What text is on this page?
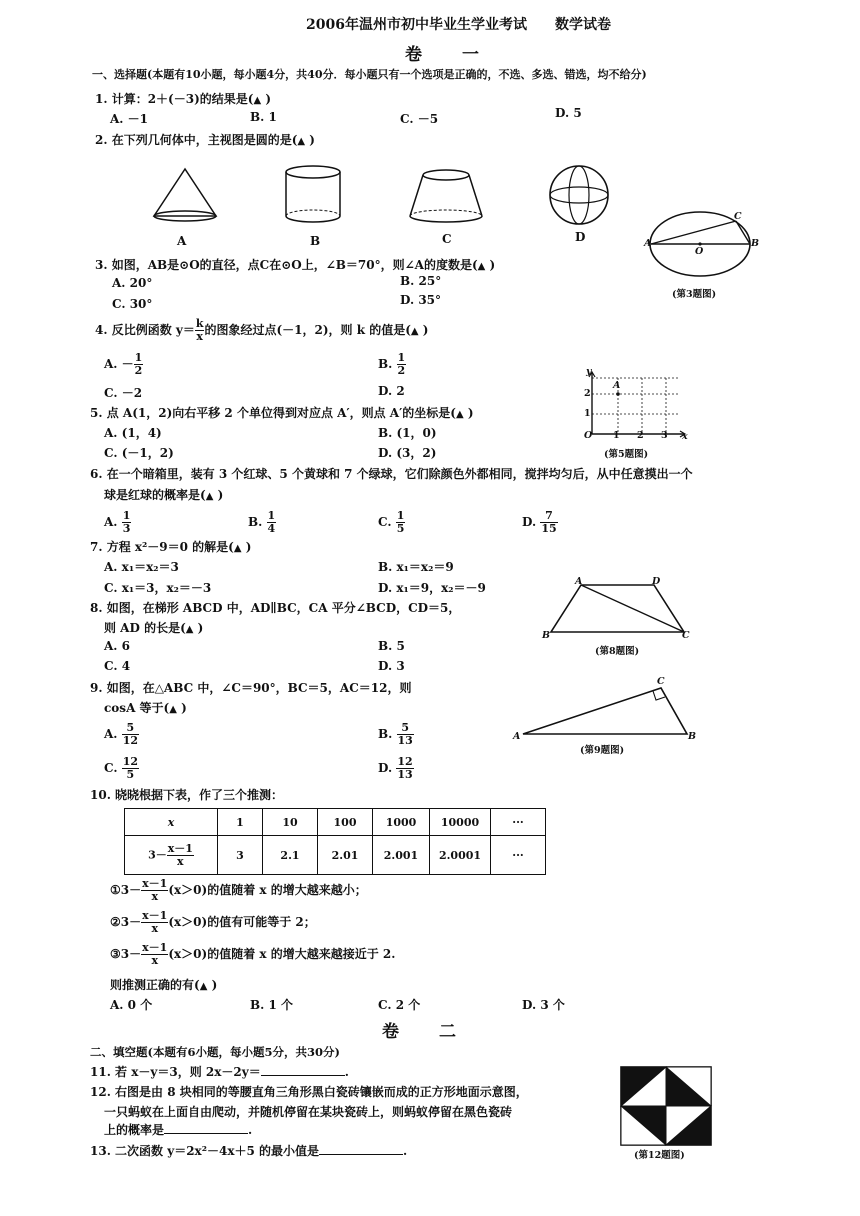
2006年温州市初中毕业生学业考试　　数学试卷
卷　　一
一、选择题(本题有10小题，每小题4分，共40分．每小题只有一个选项是正确的，不选、多选、错选，均不给分)
1. 计算：2＋(－3)的结果是(▲ )
A. －1	B. 1	C. －5	D. 5
2. 在下列几何体中，主视图是圆的是(▲ )
A	B	C	D	A	B
C
O
(第3题图)
3. 如图，AB是⊙O的直径，点C在⊙O上，∠B＝70°，则∠A的度数是(▲ )
A. 20°	B. 25°
C. 30°	D. 35°
4. 反比例函数 $y= \frac{k}{x}$ 的图象经过点(－1，2)，则 k 的值是(▲ )
A. － $\frac{1}{2}$	B. $\frac{1}{2}$
C. －2	D. 2
y
x
O 1 2 3
1
2
A
(第5题图)
5. 点 A(1，2)向右平移 2 个单位得到对应点 A′，则点 A′的坐标是(▲ )
A. (1，4)	B. (1，0)
C. (－1，2)	D. (3，2)
6. 在一个暗箱里，装有 3 个红球、5 个黄球和 7 个绿球，它们除颜色外都相同，搅拌均匀后，从中任意摸出一个
球是红球的概率是(▲ )
A. $\frac{1}{3}$	B. $\frac{1}{4}$	C. $\frac{1}{5}$	D. $\frac{7}{15}$
7. 方程 x²－9＝0 的解是(▲ )
A. x₁＝x₂＝3	B. x₁＝x₂＝9
C. x₁＝3，x₂＝－3	D. x₁＝9，x₂＝－9	A	D
B	C
(第8题图)
8. 如图，在梯形 ABCD 中，AD∥BC，CA 平分∠BCD，CD＝5，
则 AD 的长是(▲ )
A. 6	B. 5
C. 4	D. 3
A	B
C
(第9题图)
9. 如图，在△ABC 中，∠C＝90°，BC＝5，AC＝12，则
cosA 等于(▲ )
A. $\frac{5}{12}$	B. $\frac{5}{13}$
C. $\frac{12}{5}$	D. $\frac{12}{13}$
10. 晓晓根据下表，作了三个推测：
x	1	10	100	1000	10000	···
$3- \frac{x-1}{x}$	3	2.1	2.01	2.001	2.0001	···
①3－ $\frac{x-1}{x} (x>0)$的值随着 x 的增大越来越小；
②3－ $\frac{x-1}{x} (x>0)$的值有可能等于 2；
③3－ $\frac{x-1}{x} (x>0)$的值随着 x 的增大越来越接近于 2.
则推测正确的有(▲ )
A. 0 个	B. 1 个	C. 2 个	D. 3 个
卷　　二
二、填空题(本题有6小题，每小题5分，共30分)
11. 若 x－y＝3，则 2x－2y＝	.
12. 右图是由 8 块相同的等腰直角三角形黑白瓷砖镶嵌而成的正方形地面示意图，
一只蚂蚁在上面自由爬动，并随机停留在某块瓷砖上，则蚂蚁停留在黑色瓷砖
上的概率是	.
(第12题图)
13. 二次函数 y＝2x²－4x＋5 的最小值是	.
